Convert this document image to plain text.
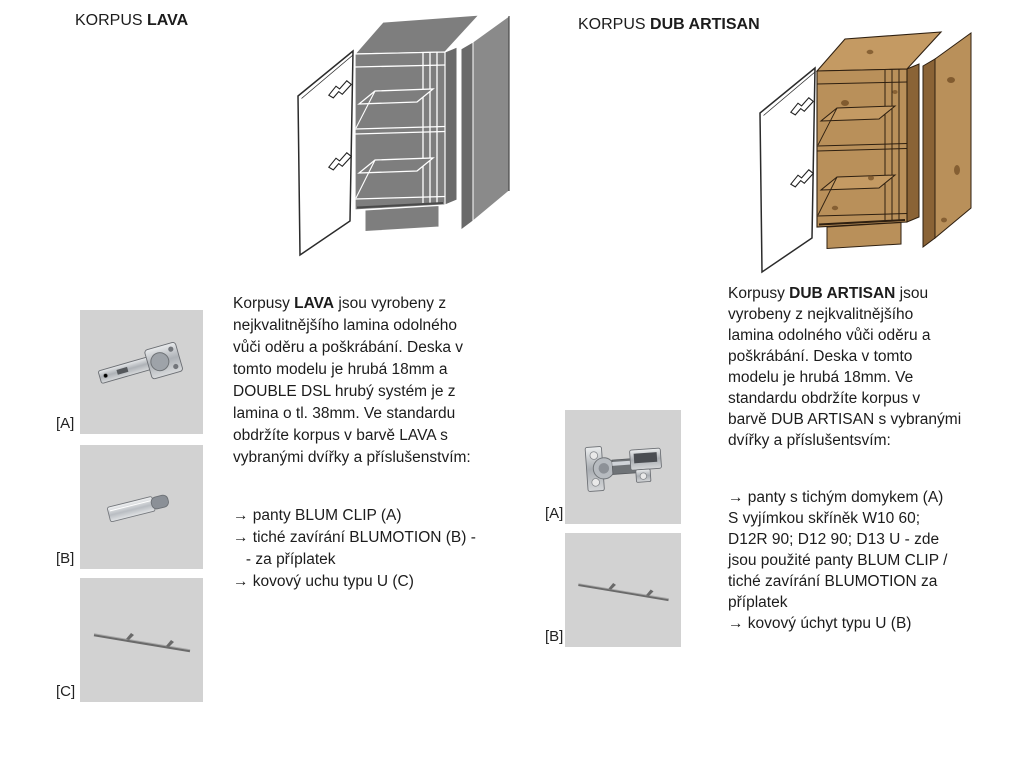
KORPUS LAVA
[A]
[B]
[C]
Korpusy LAVA jsou vyrobeny z
nejkvalitnějšího lamina odolného
vůči oděru a poškrábání. Deska v
tomto modelu je hrubá 18mm a
DOUBLE DSL hrubý systém je z
lamina o tl. 38mm. Ve standardu
obdržíte korpus v barvě LAVA s
vybranými dvířky a příslušenstvím:
→ panty BLUM CLIP (A)
→ tiché zavírání BLUMOTION (B) -
- za příplatek
→ kovový uchu typu U (C)
KORPUS DUB ARTISAN
[A]
[B]
Korpusy DUB ARTISAN jsou
vyrobeny z nejkvalitnějšího
lamina odolného vůči oděru a
poškrábání. Deska v tomto
modelu je hrubá 18mm. Ve
standardu obdržíte korpus v
barvě DUB ARTISAN s vybranými
dvířky a příslušentsvím:
→ panty s tichým domykem (A)
S vyjímkou skříněk W10 60;
D12R 90; D12 90; D13 U - zde
jsou použité panty BLUM CLIP /
tiché zavírání BLUMOTION za
příplatek
→ kovový úchyt typu U (B)
